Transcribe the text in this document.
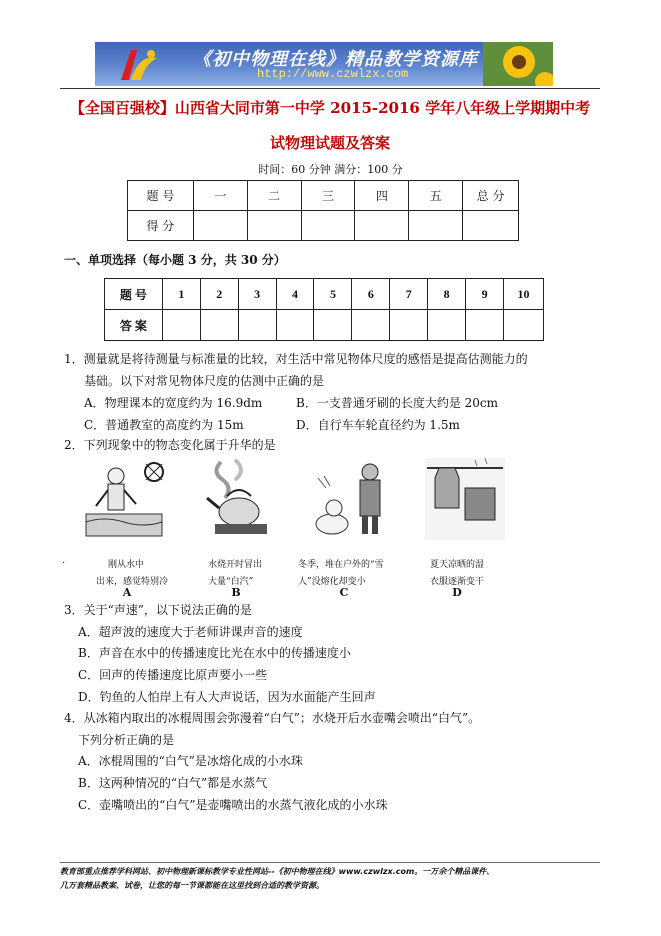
《初中物理在线》精品教学资源库
http://www.czwlzx.com
【全国百强校】山西省大同市第一中学 2015-2016 学年八年级上学期期中考
试物理试题及答案
时间：60 分钟 满分：100 分
题 号	一	二	三	四	五	总 分
得 分						
一、单项选择（每小题 3 分，共 30 分）
题 号	1	2	3	4	5	6	7	8	9	10
答 案										
1．测量就是将待测量与标准量的比较，对生活中常见物体尺度的感悟是提高估测能力的
基础。以下对常见物体尺度的估测中正确的是
A．物理课本的宽度约为 16.9dm	B．一支普通牙刷的长度大约是 20cm
C．普通教室的高度约为 15m	D．自行车车轮直径约为 1.5m
2．下列现象中的物态变化属于升华的是
·	刚从水中
出来，感觉特别冷
A
水烧开时冒出
大量“白汽”
B
冬季，堆在户外的“雪
人”没熔化却变小
C
夏天凉晒的湿
衣服逐渐变干
D
3．关于“声速”，以下说法正确的是
A．超声波的速度大于老师讲课声音的速度
B．声音在水中的传播速度比光在水中的传播速度小
C．回声的传播速度比原声要小一些
D．钓鱼的人怕岸上有人大声说话，因为水面能产生回声
4．从冰箱内取出的冰棍周围会弥漫着“白气”；水烧开后水壶嘴会喷出“白气”。
下列分析正确的是
A．冰棍周围的“白气”是冰熔化成的小水珠
B．这两种情况的“白气”都是水蒸气
C．壶嘴喷出的“白气”是壶嘴喷出的水蒸气液化成的小水珠
教育部重点推荐学科网站、初中物理新课标教学专业性网站--《初中物理在线》www.czwlzx.com。一万余个精品课件、
几万套精品教案、试卷，让您的每一节课都能在这里找到合适的教学资源。
